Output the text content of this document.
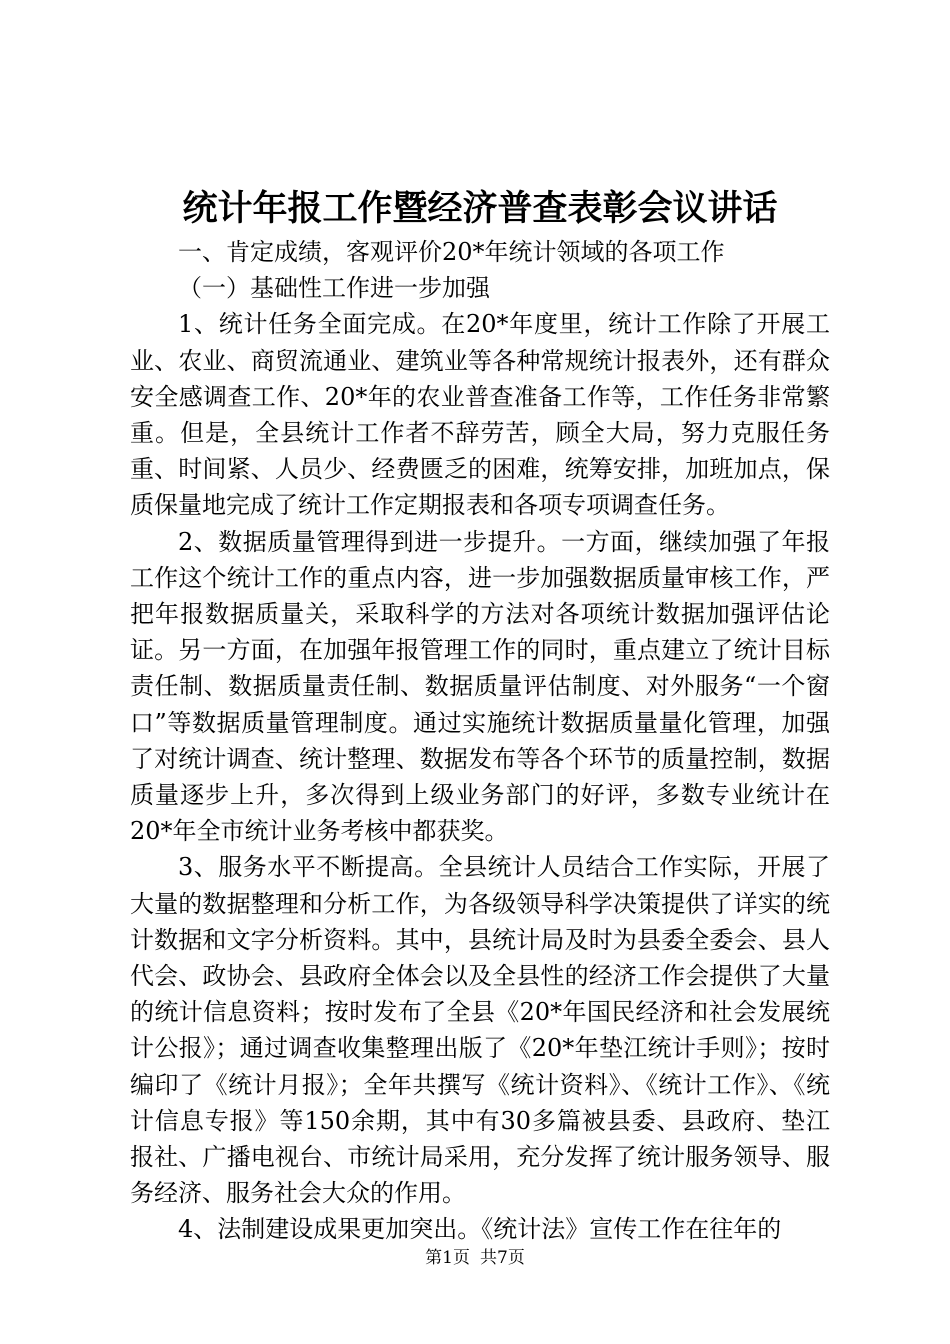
统计年报工作暨经济普查表彰会议讲话

一、肯定成绩，客观评价20*年统计领域的各项工作

（一）基础性工作进一步加强

1、统计任务全面完成。在20*年度里，统计工作除了开展工业、农业、商贸流通业、建筑业等各种常规统计报表外，还有群众安全感调查工作、20*年的农业普查准备工作等，工作任务非常繁重。但是，全县统计工作者不辞劳苦，顾全大局，努力克服任务重、时间紧、人员少、经费匮乏的困难，统筹安排，加班加点，保质保量地完成了统计工作定期报表和各项专项调查任务。

2、数据质量管理得到进一步提升。一方面，继续加强了年报工作这个统计工作的重点内容，进一步加强数据质量审核工作，严把年报数据质量关，采取科学的方法对各项统计数据加强评估论证。另一方面，在加强年报管理工作的同时，重点建立了统计目标责任制、数据质量责任制、数据质量评估制度、对外服务“一个窗口”等数据质量管理制度。通过实施统计数据质量量化管理，加强了对统计调查、统计整理、数据发布等各个环节的质量控制，数据质量逐步上升，多次得到上级业务部门的好评，多数专业统计在20*年全市统计业务考核中都获奖。

3、服务水平不断提高。全县统计人员结合工作实际，开展了大量的数据整理和分析工作，为各级领导科学决策提供了详实的统计数据和文字分析资料。其中，县统计局及时为县委全委会、县人代会、政协会、县政府全体会以及全县性的经济工作会提供了大量的统计信息资料；按时发布了全县《20*年国民经济和社会发展统计公报》；通过调查收集整理出版了《20*年垫江统计手则》；按时编印了《统计月报》；全年共撰写《统计资料》、《统计工作》、《统计信息专报》等150余期，其中有30多篇被县委、县政府、垫江报社、广播电视台、市统计局采用，充分发挥了统计服务领导、服务经济、服务社会大众的作用。

4、法制建设成果更加突出。《统计法》宣传工作在往年的

第1页 共7页
